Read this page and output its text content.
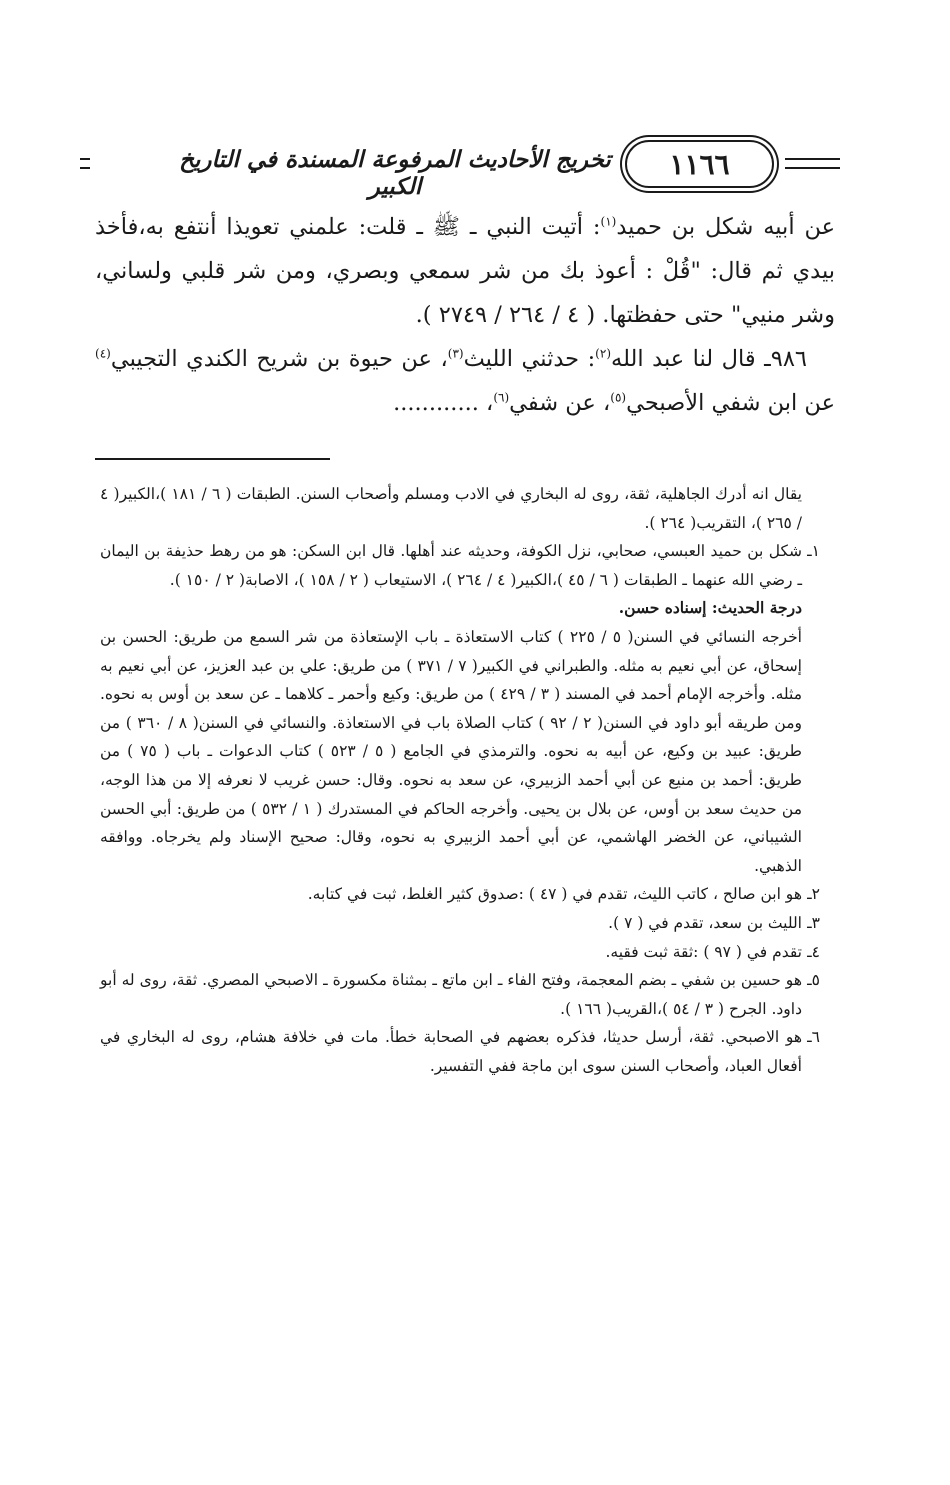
تخريج الأحاديث المرفوعة المسندة في التاريخ الكبير
١١٦٦

عن أبيه شكل بن حميد$^{(١)}$: أتيت النبي ـ ﷺ ـ قلت: علمني تعويذا أنتفع به،فأخذ بيدي ثم قال: "قُلْ : أعوذ بك من شر سمعي وبصري، ومن شر قلبي ولساني، وشر منيي" حتى حفظتها. ( ٤ / ٢٦٤ / ٢٧٤٩ ).

٩٨٦ـ قال لنا عبد الله$^{(٢)}$: حدثني الليث$^{(٣)}$، عن حيوة بن شريح الكندي التجيبي$^{(٤)}$ عن ابن شفي الأصبحي$^{(٥)}$، عن شفي$^{(٦)}$، ............

يقال انه أدرك الجاهلية، ثقة، روى له البخاري في الادب ومسلم وأصحاب السنن. الطبقات ( ٦ / ١٨١ )،الكبير( ٤ / ٢٦٥ )، التقريب( ٢٦٤ ).

١ـشكل بن حميد العبسي، صحابي، نزل الكوفة، وحديثه عند أهلها. قال ابن السكن: هو من رهط حذيفة بن اليمان ـ رضي الله عنهما ـ الطبقات ( ٦ / ٤٥ )،الكبير( ٤ / ٢٦٤ )، الاستيعاب ( ٢ / ١٥٨ )، الاصابة( ٢ / ١٥٠ ).

درجة الحديث: إسناده حسن.

أخرجه النسائي في السنن( ٥ / ٢٢٥ ) كتاب الاستعاذة ـ باب الإستعاذة من شر السمع من طريق: الحسن بن إسحاق، عن أبي نعيم به مثله. والطبراني في الكبير( ٧ / ٣٧١ ) من طريق: علي بن عبد العزيز، عن أبي نعيم به مثله. وأخرجه الإمام أحمد في المسند ( ٣ / ٤٢٩ ) من طريق: وكيع وأحمر ـ كلاهما ـ عن سعد بن أوس به نحوه. ومن طريقه أبو داود في السنن( ٢ / ٩٢ ) كتاب الصلاة باب في الاستعاذة. والنسائي في السنن( ٨ / ٣٦٠ ) من طريق: عبيد بن وكيع، عن أبيه به نحوه. والترمذي في الجامع ( ٥ / ٥٢٣ ) كتاب الدعوات ـ باب ( ٧٥ ) من طريق: أحمد بن منيع عن أبي أحمد الزبيري، عن سعد به نحوه. وقال: حسن غريب لا نعرفه إلا من هذا الوجه، من حديث سعد بن أوس، عن بلال بن يحيى. وأخرجه الحاكم في المستدرك ( ١ / ٥٣٢ ) من طريق: أبي الحسن الشيباني، عن الخضر الهاشمي، عن أبي أحمد الزبيري به نحوه، وقال: صحيح الإسناد ولم يخرجاه. ووافقه الذهبي.

٢ـهو ابن صالح ، كاتب الليث، تقدم في ( ٤٧ ) :صدوق كثير الغلط، ثبت في كتابه.

٣ـالليث بن سعد، تقدم في ( ٧ ).

٤ـتقدم في ( ٩٧ ) :ثقة ثبت فقيه.

٥ـهو حسين بن شفي ـ بضم المعجمة، وفتح الفاء ـ ابن ماتع ـ بمثناة مكسورة ـ الاصبحي المصري. ثقة، روى له أبو داود. الجرح ( ٣ / ٥٤ )،القريب( ١٦٦ ).

٦ـهو الاصبحي. ثقة، أرسل حديثا، فذكره بعضهم في الصحابة خطأ. مات في خلافة هشام، روى له البخاري في أفعال العباد، وأصحاب السنن سوى ابن ماجة ففي التفسير.
